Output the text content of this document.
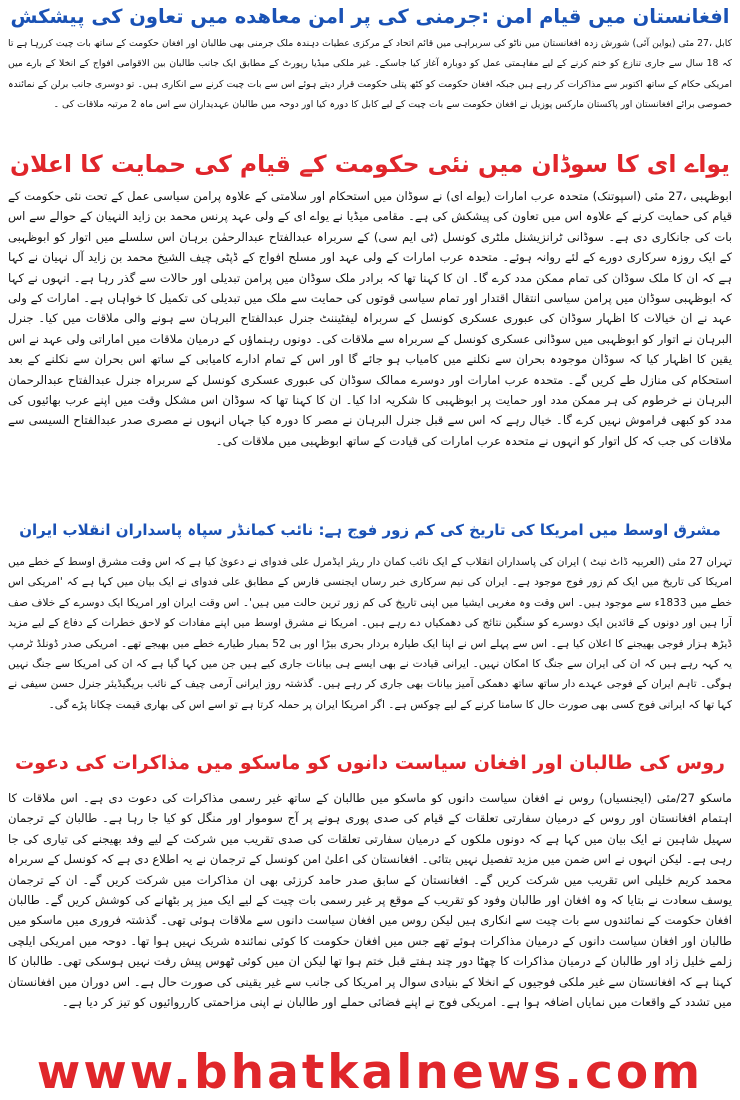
افغانستان میں قیام امن :جرمنی کی پر امن معاهده میں تعاون کی پیشکش

کابل ،27 مئی (یواین آئی) شورش زدہ افغانستان میں ناٹو کی سربراہی میں قائم اتحاد کے مرکزی عطیات دہندہ ملک جرمنی بھی طالبان اور افغان حکومت کے ساتھ بات چیت کررہا ہے تا کہ 18 سال سے جاری تنازع کو ختم کرنے کے لیے مفاہمتی عمل کو دوبارہ آغاز کیا جاسکے۔ غیر ملکی میڈیا رپورٹ کے مطابق ایک جانب طالبان بین الاقوامی افواج کے انخلا کے بارے میں امریکی حکام کے ساتھ اکتوبر سے مذاکرات کر رہے ہیں جبکہ افغان حکومت کو کٹھ پتلی حکومت قرار دیتے ہوئے اس سے بات چیت کرنے سے انکاری ہیں۔ تو دوسری جانب برلن کے نمائندہ خصوصی برائے افغانستان اور پاکستان مارکس پوزیل نے افغان حکومت سے بات چیت کے لیے کابل کا دورہ کیا اور دوحہ میں طالبان عہدیداران سے اس ماہ 2 مرتبہ ملاقات کی ۔

یواے ای کا سوڈان میں نئی حکومت کے قیام کی حمایت کا اعلان

ابوظہبی ،27 مئی (اسپوتنک) متحدہ عرب امارات (یواے ای) نے سوڈان میں استحکام اور سلامتی کے علاوہ پرامن سیاسی عمل کے تحت نئی حکومت کے قیام کی حمایت کرنے کے علاوہ اس میں تعاون کی پیشکش کی ہے۔ مقامی میڈیا نے یواے ای کے ولی عہد پرنس محمد بن زاید النہیان کے حوالے سے اس بات کی جانکاری دی ہے۔ سوڈانی ٹرانزیشنل ملٹری کونسل (ٹی ایم سی) کے سربراہ عبدالفتاح عبدالرحمٰن برہان اس سلسلے میں اتوار کو ابوظہبی کے ایک روزہ سرکاری دورے کے لئے روانہ ہوئے۔ متحدہ عرب امارات کے ولی عہد اور مسلح افواج کے ڈپٹی چیف الشیخ محمد بن زاید آل نہیان نے کہا ہے کہ ان کا ملک سوڈان کی تمام ممکن مدد کرے گا۔ ان کا کہنا تھا کہ برادر ملک سوڈان میں پرامن تبدیلی اور حالات سے گذر رہا ہے۔ انہوں نے کہا کہ ابوظہبی سوڈان میں پرامن سیاسی انتقال اقتدار اور تمام سیاسی قوتوں کی حمایت سے ملک میں تبدیلی کی تکمیل کا خواہاں ہے۔ امارات کے ولی عہد نے ان خیالات کا اظہار سوڈان کی عبوری عسکری کونسل کے سربراہ لیفٹیننٹ جنرل عبدالفتاح البرہان سے ہونے والی ملاقات میں کیا۔ جنرل البرہان نے اتوار کو ابوظہبی میں سوڈانی عسکری کونسل کے سربراہ سے ملاقات کی۔ دونوں رہنماؤں کے درمیان ملاقات میں اماراتی ولی عہد نے اس یقین کا اظہار کیا کہ سوڈان موجودہ بحران سے نکلنے میں کامیاب ہو جائے گا اور اس کے تمام ادارے کامیابی کے ساتھ اس بحران سے نکلنے کے بعد استحکام کی منازل طے کریں گے۔ متحدہ عرب امارات اور دوسرے ممالک سوڈان کی عبوری عسکری کونسل کے سربراہ جنرل عبدالفتاح عبدالرحمان البرہان نے خرطوم کی ہر ممکن مدد اور حمایت پر ابوظہبی کا شکریہ ادا کیا۔ ان کا کہنا تھا کہ سوڈان اس مشکل وقت میں اپنے عرب بھائیوں کی مدد کو کبھی فراموش نہیں کرے گا۔ خیال رہے کہ اس سے قبل جنرل البرہان نے مصر کا دورہ کیا جہاں انہوں نے مصری صدر عبدالفتاح السیسی سے ملاقات کی جب کہ کل اتوار کو انہوں نے متحدہ عرب امارات کی قیادت کے ساتھ ابوظہبی میں ملاقات کی۔

مشرق اوسط میں امریکا کی تاریخ کی کم زور فوج ہے: نائب کمانڈر سپاہ پاسداران انقلاب ایران

تہران 27 مئی (العربیہ ڈاٹ نیٹ ) ایران کی پاسداران انقلاب کے ایک نائب کمان دار ریئر ایڈمرل علی فدوای نے دعویٰ کیا ہے کہ اس وقت مشرق اوسط کے خطے میں امریکا کی تاریخ میں ایک کم زور فوج موجود ہے۔ ایران کی نیم سرکاری خبر رساں ایجنسی فارس کے مطابق علی فدوای نے ایک بیان میں کہا ہے کہ 'امریکی اس خطے میں 1833ء سے موجود ہیں۔ اس وقت وہ مغربی ایشیا میں اپنی تاریخ کی کم زور ترین حالت میں ہیں'۔ اس وقت ایران اور امریکا ایک دوسرے کے خلاف صف آرا ہیں اور دونوں کے قائدین ایک دوسرے کو سنگین نتائج کی دھمکیاں دے رہے ہیں۔ امریکا نے مشرق اوسط میں اپنے مفادات کو لاحق خطرات کے دفاع کے لیے مزید ڈیڑھ ہزار فوجی بھیجنے کا اعلان کیا ہے۔ اس سے پہلے اس نے اپنا ایک طیارہ بردار بحری بیڑا اور بی 52 بمبار طیارے خطے میں بھیجے تھے۔ امریکی صدر ڈونلڈ ٹرمپ یہ کہہ رہے ہیں کہ ان کی ایران سے جنگ کا امکان نہیں۔ ایرانی قیادت نے بھی ایسے ہی بیانات جاری کیے ہیں جن میں کہا گیا ہے کہ ان کی امریکا سے جنگ نہیں ہوگی۔ تاہم ایران کے فوجی عہدے دار ساتھ ساتھ دھمکی آمیز بیانات بھی جاری کر رہے ہیں۔ گذشتہ روز ایرانی آرمی چیف کے نائب بریگیڈیئر جنرل حسن سیفی نے کہا تھا کہ ایرانی فوج کسی بھی صورت حال کا سامنا کرنے کے لیے چوکس ہے۔ اگر امریکا ایران پر حملہ کرتا ہے تو اسے اس کی بھاری قیمت چکانا پڑے گی۔

روس کی طالبان اور افغان سیاست دانوں کو ماسکو میں مذاکرات کی دعوت

ماسکو 27/مئی (ایجنسیاں) روس نے افغان سیاست دانوں کو ماسکو میں طالبان کے ساتھ غیر رسمی مذاکرات کی دعوت دی ہے۔ اس ملاقات کا اہتمام افغانستان اور روس کے درمیان سفارتی تعلقات کے قیام کی صدی پوری ہونے پر آج سوموار اور منگل کو کیا جا رہا ہے۔ طالبان کے ترجمان سہیل شاہین نے ایک بیان میں کہا ہے کہ دونوں ملکوں کے درمیان سفارتی تعلقات کی صدی تقریب میں شرکت کے لیے وفد بھیجنے کی تیاری کی جا رہی ہے۔ لیکن انہوں نے اس ضمن میں مزید تفصیل نہیں بتائی۔ افغانستان کی اعلیٰ امن کونسل کے ترجمان نے یہ اطلاع دی ہے کہ کونسل کے سربراہ محمد کریم خلیلی اس تقریب میں شرکت کریں گے۔ افغانستان کے سابق صدر حامد کرزئی بھی ان مذاکرات میں شرکت کریں گے۔ ان کے ترجمان یوسف سعادت نے بتایا کہ وہ افغان اور طالبان وفود کو تقریب کے موقع پر غیر رسمی بات چیت کے لیے ایک میز پر بٹھانے کی کوشش کریں گے۔ طالبان افغان حکومت کے نمائندوں سے بات چیت سے انکاری ہیں لیکن روس میں افغان سیاست دانوں سے ملاقات ہوئی تھی۔ گذشتہ فروری میں ماسکو میں طالبان اور افغان سیاست دانوں کے درمیان مذاکرات ہوئے تھے جس میں افغان حکومت کا کوئی نمائندہ شریک نہیں ہوا تھا۔ دوحہ میں امریکی ایلچی زلمے خلیل زاد اور طالبان کے درمیان مذاکرات کا چھٹا دور چند ہفتے قبل ختم ہوا تھا لیکن ان میں کوئی ٹھوس پیش رفت نہیں ہوسکی تھی۔ طالبان کا کہنا ہے کہ افغانستان سے غیر ملکی فوجیوں کے انخلا کے بنیادی سوال پر امریکا کی جانب سے غیر یقینی کی صورت حال ہے۔ اس دوران میں افغانستان میں تشدد کے واقعات میں نمایاں اضافہ ہوا ہے۔ امریکی فوج نے اپنے فضائی حملے اور طالبان نے اپنی مزاحمتی کارروائیوں کو تیز کر دیا ہے۔

www.bhatkalnews.com
